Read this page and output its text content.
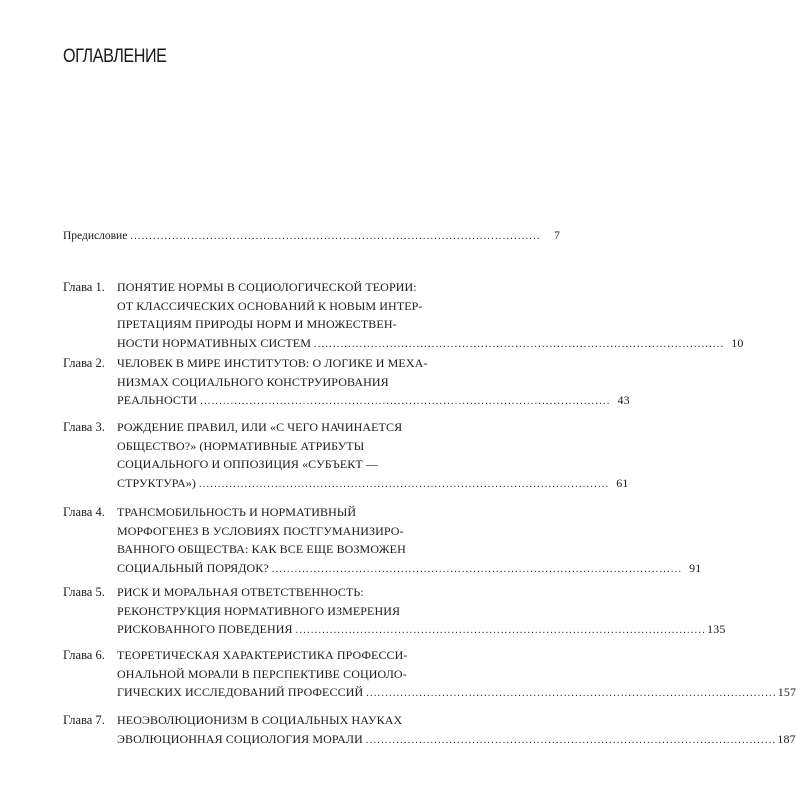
ОГЛАВЛЕНИЕ
Предисловие . . .	7
Глава 1.	ПОНЯТИЕ НОРМЫ В СОЦИОЛОГИЧЕСКОЙ ТЕОРИИ:
ОТ КЛАССИЧЕСКИХ ОСНОВАНИЙ К НОВЫМ ИНТЕР-
ПРЕТАЦИЯМ ПРИРОДЫ НОРМ И МНОЖЕСТВЕН-
НОСТИ НОРМАТИВНЫХ СИСТЕМ . . .	10
Глава 2.	ЧЕЛОВЕК В МИРЕ ИНСТИТУТОВ: О ЛОГИКЕ И МЕХА-
НИЗМАХ СОЦИАЛЬНОГО КОНСТРУИРОВАНИЯ
РЕАЛЬНОСТИ . . .	43
Глава 3.	РОЖДЕНИЕ ПРАВИЛ, ИЛИ «С ЧЕГО НАЧИНАЕТСЯ
ОБЩЕСТВО?» (НОРМАТИВНЫЕ АТРИБУТЫ
СОЦИАЛЬНОГО И ОППОЗИЦИЯ «СУБЪЕКТ —
СТРУКТУРА») . . .	61
Глава 4.	ТРАНСМОБИЛЬНОСТЬ И НОРМАТИВНЫЙ
МОРФОГЕНЕЗ В УСЛОВИЯХ ПОСТГУМАНИЗИРО-
ВАННОГО ОБЩЕСТВА: КАК ВСЕ ЕЩЕ ВОЗМОЖЕН
СОЦИАЛЬНЫЙ ПОРЯДОК? . . .	91
Глава 5.	РИСК И МОРАЛЬНАЯ ОТВЕТСТВЕННОСТЬ:
РЕКОНСТРУКЦИЯ НОРМАТИВНОГО ИЗМЕРЕНИЯ
РИСКОВАННОГО ПОВЕДЕНИЯ . . .	135
Глава 6.	ТЕОРЕТИЧЕСКАЯ ХАРАКТЕРИСТИКА ПРОФЕССИ-
ОНАЛЬНОЙ МОРАЛИ В ПЕРСПЕКТИВЕ СОЦИОЛО-
ГИЧЕСКИХ ИССЛЕДОВАНИЙ ПРОФЕССИЙ . . .	157
Глава 7.	НЕОЭВОЛЮЦИОНИЗМ В СОЦИАЛЬНЫХ НАУКАХ
ЭВОЛЮЦИОННАЯ СОЦИОЛОГИЯ МОРАЛИ . . .	187
